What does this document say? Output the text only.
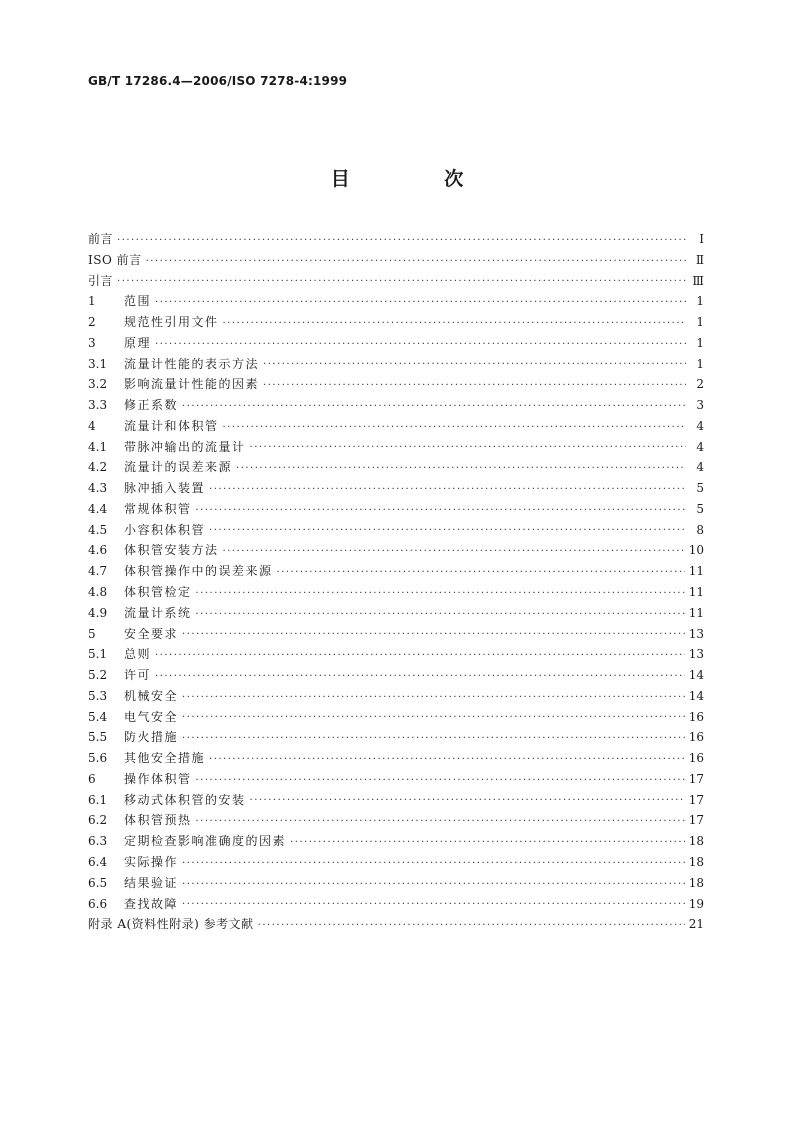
GB/T 17286.4—2006/ISO 7278-4:1999
目 次
前言 ·····	Ⅰ
ISO 前言 ·····	Ⅱ
引言 ·····	Ⅲ
1	范围 ·····	1
2	规范性引用文件 ·····	1
3	原理 ·····	1
3.1	流量计性能的表示方法 ·····	1
3.2	影响流量计性能的因素 ·····	2
3.3	修正系数 ·····	3
4	流量计和体积管 ·····	4
4.1	带脉冲输出的流量计 ·····	4
4.2	流量计的误差来源 ·····	4
4.3	脉冲插入装置 ·····	5
4.4	常规体积管 ·····	5
4.5	小容积体积管 ·····	8
4.6	体积管安装方法 ·····	10
4.7	体积管操作中的误差来源 ·····	11
4.8	体积管检定 ·····	11
4.9	流量计系统 ·····	11
5	安全要求 ·····	13
5.1	总则 ·····	13
5.2	许可 ·····	14
5.3	机械安全 ·····	14
5.4	电气安全 ·····	16
5.5	防火措施 ·····	16
5.6	其他安全措施 ·····	16
6	操作体积管 ·····	17
6.1	移动式体积管的安装 ·····	17
6.2	体积管预热 ·····	17
6.3	定期检查影响准确度的因素 ·····	18
6.4	实际操作 ·····	18
6.5	结果验证 ·····	18
6.6	查找故障 ·····	19
附录 A(资料性附录) 参考文献 ·····	21
